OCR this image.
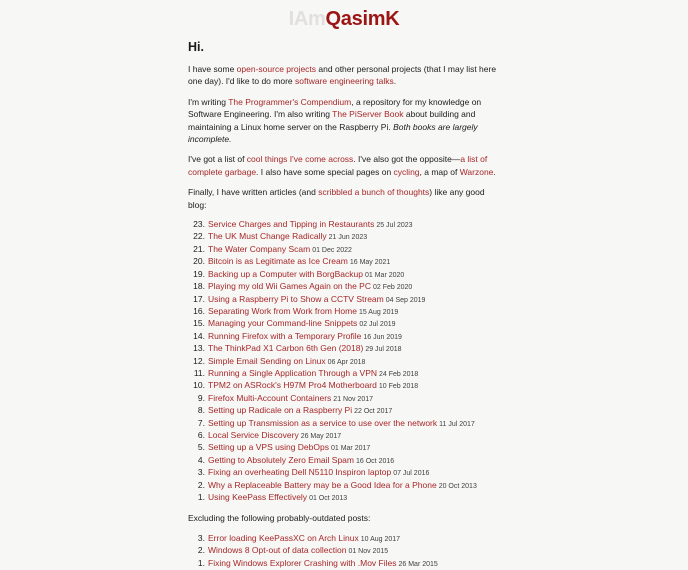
IAmQasimK
Hi.

I have some open-source projects and other personal projects (that I may list here one day). I'd like to do more software engineering talks.

I'm writing The Programmer's Compendium, a repository for my knowledge on Software Engineering. I'm also writing The PiServer Book about building and maintaining a Linux home server on the Raspberry Pi. Both books are largely incomplete.

I've got a list of cool things I've come across. I've also got the opposite—a list of complete garbage. I also have some special pages on cycling, a map of Warzone.

Finally, I have written articles (and scribbled a bunch of thoughts) like any good blog:

23. Service Charges and Tipping in Restaurants 25 Jul 2023
22. The UK Must Change Radically 21 Jun 2023
21. The Water Company Scam 01 Dec 2022
20. Bitcoin is as Legitimate as Ice Cream 16 May 2021
19. Backing up a Computer with BorgBackup 01 Mar 2020
18. Playing my old Wii Games Again on the PC 02 Feb 2020
17. Using a Raspberry Pi to Show a CCTV Stream 04 Sep 2019
16. Separating Work from Work from Home 15 Aug 2019
15. Managing your Command-line Snippets 02 Jul 2019
14. Running Firefox with a Temporary Profile 16 Jun 2019
13. The ThinkPad X1 Carbon 6th Gen (2018) 29 Jul 2018
12. Simple Email Sending on Linux 06 Apr 2018
11. Running a Single Application Through a VPN 24 Feb 2018
10. TPM2 on ASRock's H97M Pro4 Motherboard 10 Feb 2018
9. Firefox Multi-Account Containers 21 Nov 2017
8. Setting up Radicale on a Raspberry Pi 22 Oct 2017
7. Setting up Transmission as a service to use over the network 11 Jul 2017
6. Local Service Discovery 26 May 2017
5. Setting up a VPS using DebOps 01 Mar 2017
4. Getting to Absolutely Zero Email Spam 16 Oct 2016
3. Fixing an overheating Dell N5110 Inspiron laptop 07 Jul 2016
2. Why a Replaceable Battery may be a Good Idea for a Phone 20 Oct 2013
1. Using KeePass Effectively 01 Oct 2013

Excluding the following probably-outdated posts:

3. Error loading KeePassXC on Arch Linux 10 Aug 2017
2. Windows 8 Opt-out of data collection 01 Nov 2015
1. Fixing Windows Explorer Crashing with .Mov Files 26 Mar 2015
